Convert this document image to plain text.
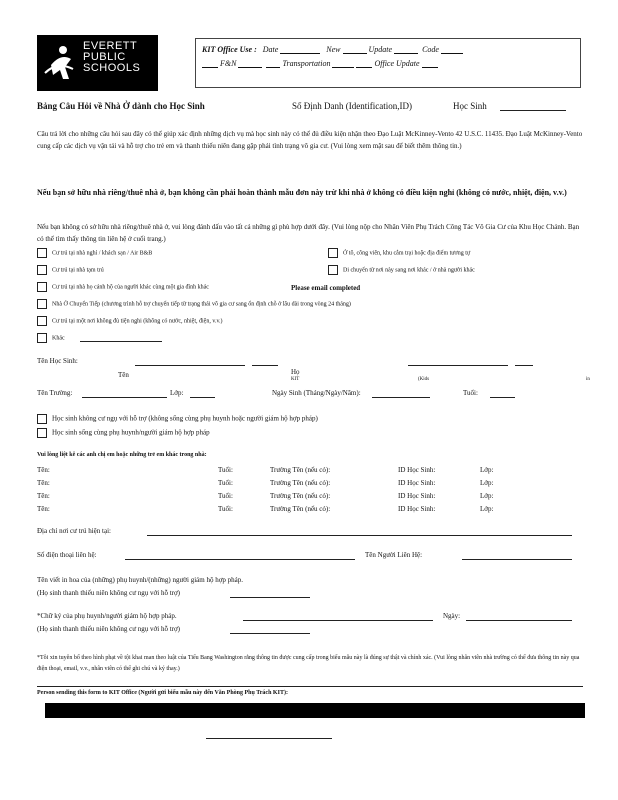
EVERETT
PUBLIC
SCHOOLS
KIT Office Use : Date	New	Update	Code
F&N	Transportation	Office Update
Bảng Câu Hỏi về Nhà Ở dành cho Học Sinh	Số Định Danh (Identification,ID)	Học Sinh
Câu trả lời cho những câu hỏi sau đây có thể giúp xác định những dịch vụ mà học sinh này có thể đủ điều kiện nhận theo Đạo Luật McKinney-Vento 42 U.S.C. 11435. Đạo Luật McKinney-Vento cung cấp các dịch vụ vận tải và hỗ trợ cho trẻ em và thanh thiếu niên đang gặp phải tình trạng vô gia cư. (Vui lòng xem mặt sau để biết thêm thông tin.)
Nếu bạn sở hữu nhà riêng/thuê nhà ở, bạn không cần phải hoàn thành mẫu đơn này trừ khi nhà ở không có điều kiện nghỉ (không có nước, nhiệt, điện, v.v.)
Nếu bạn không có sở hữu nhà riêng/thuê nhà ở, vui lòng đánh dấu vào tất cả những gì phù hợp dưới đây. (Vui lòng nộp cho Nhân Viên Phụ Trách Công Tác Vô Gia Cư của Khu Học Chánh. Bạn có thể tìm thấy thông tin liên hệ ở cuối trang.)
Cư trú tại nhà nghỉ / khách sạn / Air B&B	Ở tô, công viên, khu cắm trại hoặc địa điểm tương tự
Cư trú tại nhà tạm trú	Di chuyển từ nơi này sang nơi khác / ở nhà người khác
Cư trú tại nhà họ cảnh hộ của người khác cùng một gia đình khác	Please email completed
Nhà Ở Chuyển Tiếp (chương trình hỗ trợ chuyển tiếp từ trạng thái vô gia cư sang ổn định chỗ ở lâu dài trong vòng 24 tháng)
Cư trú tại một nơi không đủ tiện nghi (không có nước, nhiệt, điện, v.v.)
Khác
Tên Học Sinh:
Tên	Họ
KIT	(Kids	in
Tên Trường:	Lớp:	Ngày Sinh (Tháng/Ngày/Năm):	Tuổi:
Học sinh không cư ngụ với hỗ trợ (không sống cùng phụ huynh hoặc người giám hộ hợp pháp)
Học sinh sống cùng phụ huynh/người giám hộ hợp pháp
Vui lòng liệt kê các anh chị em hoặc những trẻ em khác trong nhà:
Tên:	Tuổi:	Trường Tên (nếu có):	ID Học Sinh:	Lớp:
Tên:	Tuổi:	Trường Tên (nếu có):	ID Học Sinh:	Lớp:
Tên:	Tuổi:	Trường Tên (nếu có):	ID Học Sinh:	Lớp:
Tên:	Tuổi:	Trường Tên (nếu có):	ID Học Sinh:	Lớp:
Địa chỉ nơi cư trú hiện tại:
Số điện thoại liên hệ:	Tên Người Liên Hệ:
Tên viết in hoa của (những) phụ huynh/(những) người giám hộ hợp pháp.
(Họ sinh thanh thiếu niên không cư ngụ với hỗ trợ)
*Chữ ký của phụ huynh/người giám hộ hợp pháp.	Ngày:
(Họ sinh thanh thiếu niên không cư ngụ với hỗ trợ)
*Tôi xin tuyên bố theo hình phạt về tội khai man theo luật của Tiểu Bang Washington rằng thông tin được cung cấp trong biểu mẫu này là đúng sự thật và chính xác. (Vui lòng nhân viên nhà trường có thể đưa thông tin này qua điện thoại, email, v.v., nhân viên có thể ghi chú và ký thay.)
Person sending this form to KIT Office (Người gửi biểu mẫu này đến Văn Phòng Phụ Trách KIT):
